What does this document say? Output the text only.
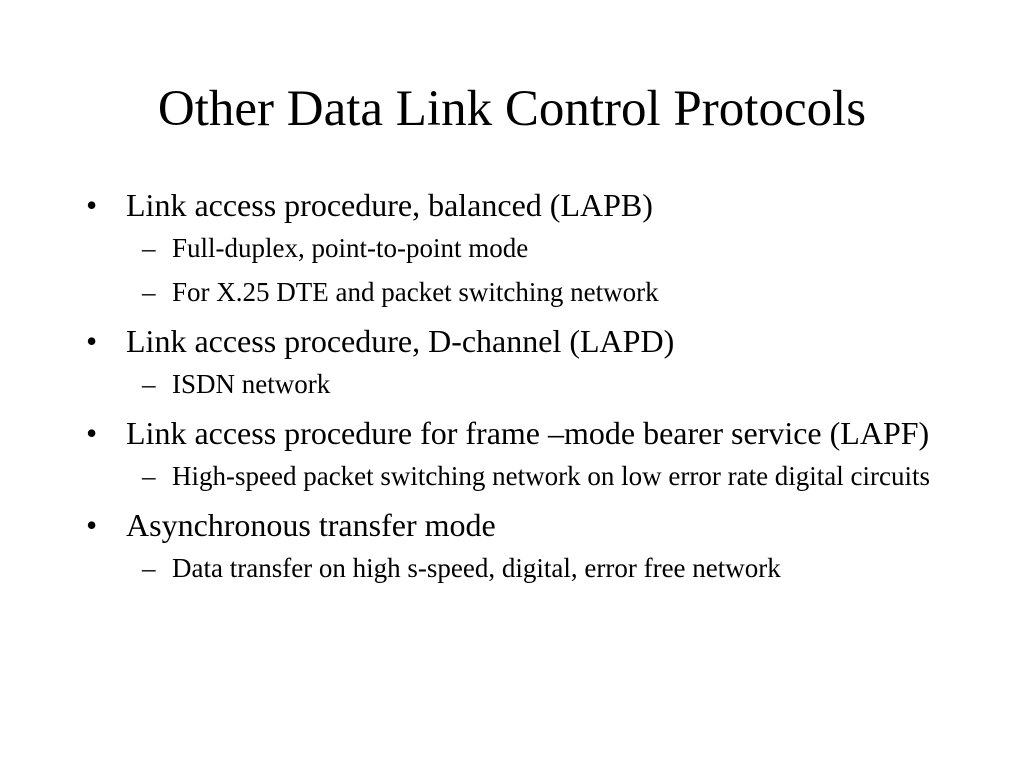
Other Data Link Control Protocols
• Link access procedure, balanced (LAPB)
– Full-duplex, point-to-point mode
– For X.25 DTE and packet switching network
• Link access procedure, D-channel (LAPD)
– ISDN network
• Link access procedure for frame –mode bearer service (LAPF)
– High-speed packet switching network on low error rate digital circuits
• Asynchronous transfer mode
– Data transfer on high s-speed, digital, error free network
